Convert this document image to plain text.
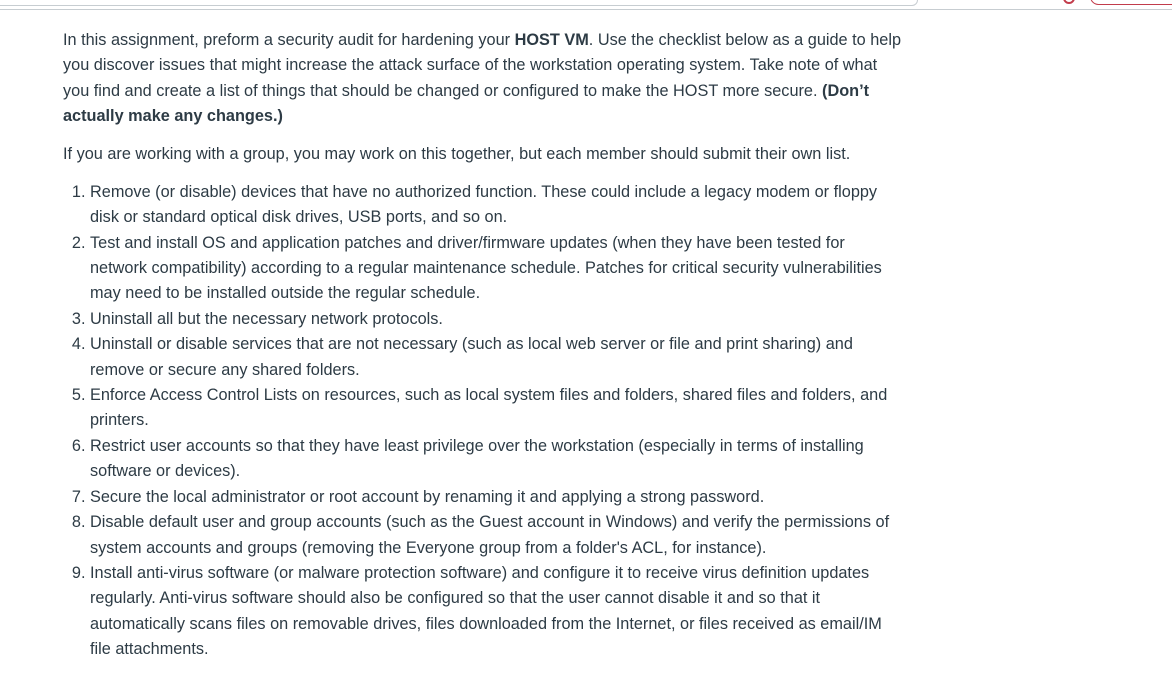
In this assignment, preform a security audit for hardening your HOST VM. Use the checklist below as a guide to help you discover issues that might increase the attack surface of the workstation operating system. Take note of what you find and create a list of things that should be changed or configured to make the HOST more secure. (Don’t actually make any changes.)

If you are working with a group, you may work on this together, but each member should submit their own list.

1. Remove (or disable) devices that have no authorized function. These could include a legacy modem or floppy disk or standard optical disk drives, USB ports, and so on.
2. Test and install OS and application patches and driver/firmware updates (when they have been tested for network compatibility) according to a regular maintenance schedule. Patches for critical security vulnerabilities may need to be installed outside the regular schedule.
3. Uninstall all but the necessary network protocols.
4. Uninstall or disable services that are not necessary (such as local web server or file and print sharing) and remove or secure any shared folders.
5. Enforce Access Control Lists on resources, such as local system files and folders, shared files and folders, and printers.
6. Restrict user accounts so that they have least privilege over the workstation (especially in terms of installing software or devices).
7. Secure the local administrator or root account by renaming it and applying a strong password.
8. Disable default user and group accounts (such as the Guest account in Windows) and verify the permissions of system accounts and groups (removing the Everyone group from a folder's ACL, for instance).
9. Install anti-virus software (or malware protection software) and configure it to receive virus definition updates regularly. Anti-virus software should also be configured so that the user cannot disable it and so that it automatically scans files on removable drives, files downloaded from the Internet, or files received as email/IM file attachments.
